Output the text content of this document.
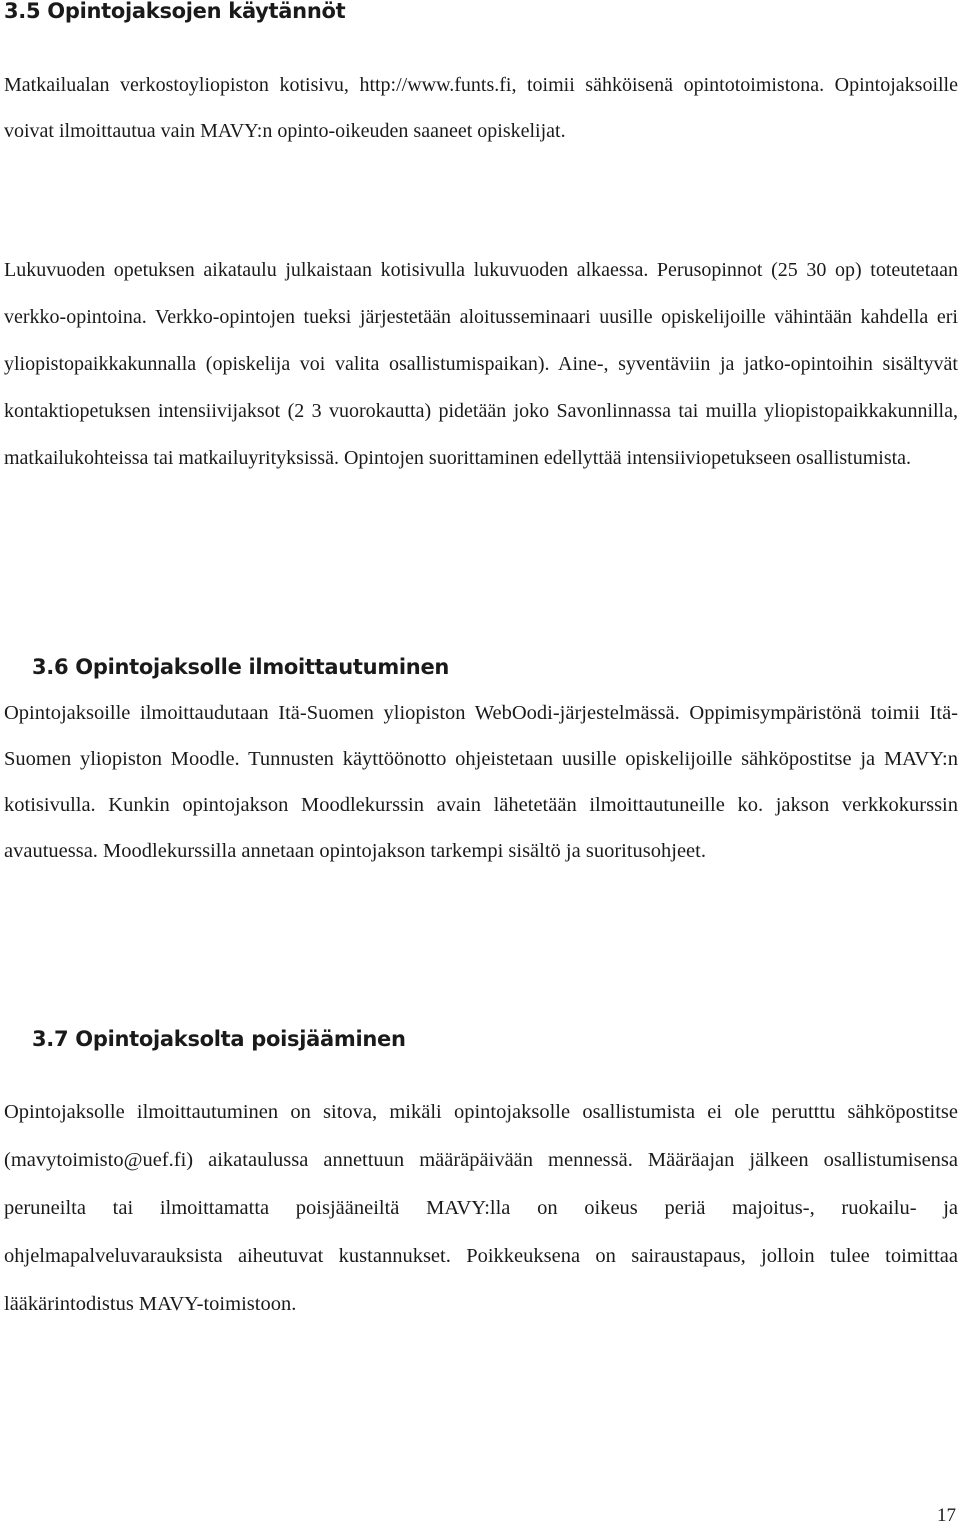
3.5 Opintojaksojen käytännöt

Matkailualan verkostoyliopiston kotisivu, http://www.funts.fi, toimii sähköisenä opintotoimistona. Opintojaksoille voivat ilmoittautua vain MAVY:n opinto-oikeuden saaneet opiskelijat.

Lukuvuoden opetuksen aikataulu julkaistaan kotisivulla lukuvuoden alkaessa. Perusopinnot (25 30 op) toteutetaan verkko-opintoina. Verkko-opintojen tueksi järjestetään aloitusseminaari uusille opiskelijoille vähintään kahdella eri yliopistopaikkakunnalla (opiskelija voi valita osallistumispaikan). Aine-, syventäviin ja jatko-opintoihin sisältyvät kontaktiopetuksen intensiivijaksot (2 3 vuorokautta) pidetään joko Savonlinnassa tai muilla yliopistopaikkakunnilla, matkailukohteissa tai matkailuyrityksissä. Opintojen suorittaminen edellyttää intensiiviopetukseen osallistumista.

3.6 Opintojaksolle ilmoittautuminen

Opintojaksoille ilmoittaudutaan Itä-Suomen yliopiston WebOodi-järjestelmässä. Oppimisympäristönä toimii Itä-Suomen yliopiston Moodle. Tunnusten käyttöönotto ohjeistetaan uusille opiskelijoille sähköpostitse ja MAVY:n kotisivulla. Kunkin opintojakson Moodlekurssin avain lähetetään ilmoittautuneille ko. jakson verkkokurssin avautuessa. Moodlekurssilla annetaan opintojakson tarkempi sisältö ja suoritusohjeet.

3.7 Opintojaksolta poisjääminen

Opintojaksolle ilmoittautuminen on sitova, mikäli opintojaksolle osallistumista ei ole perutttu sähköpostitse (mavytoimisto@uef.fi) aikataulussa annettuun määräpäivään mennessä. Määräajan jälkeen osallistumisensa peruneilta tai ilmoittamatta poisjääneiltä MAVY:lla on oikeus periä majoitus-, ruokailu- ja ohjelmapalveluvarauksista aiheutuvat kustannukset. Poikkeuksena on sairaustapaus, jolloin tulee toimittaa lääkärintodistus MAVY-toimistoon.

17
